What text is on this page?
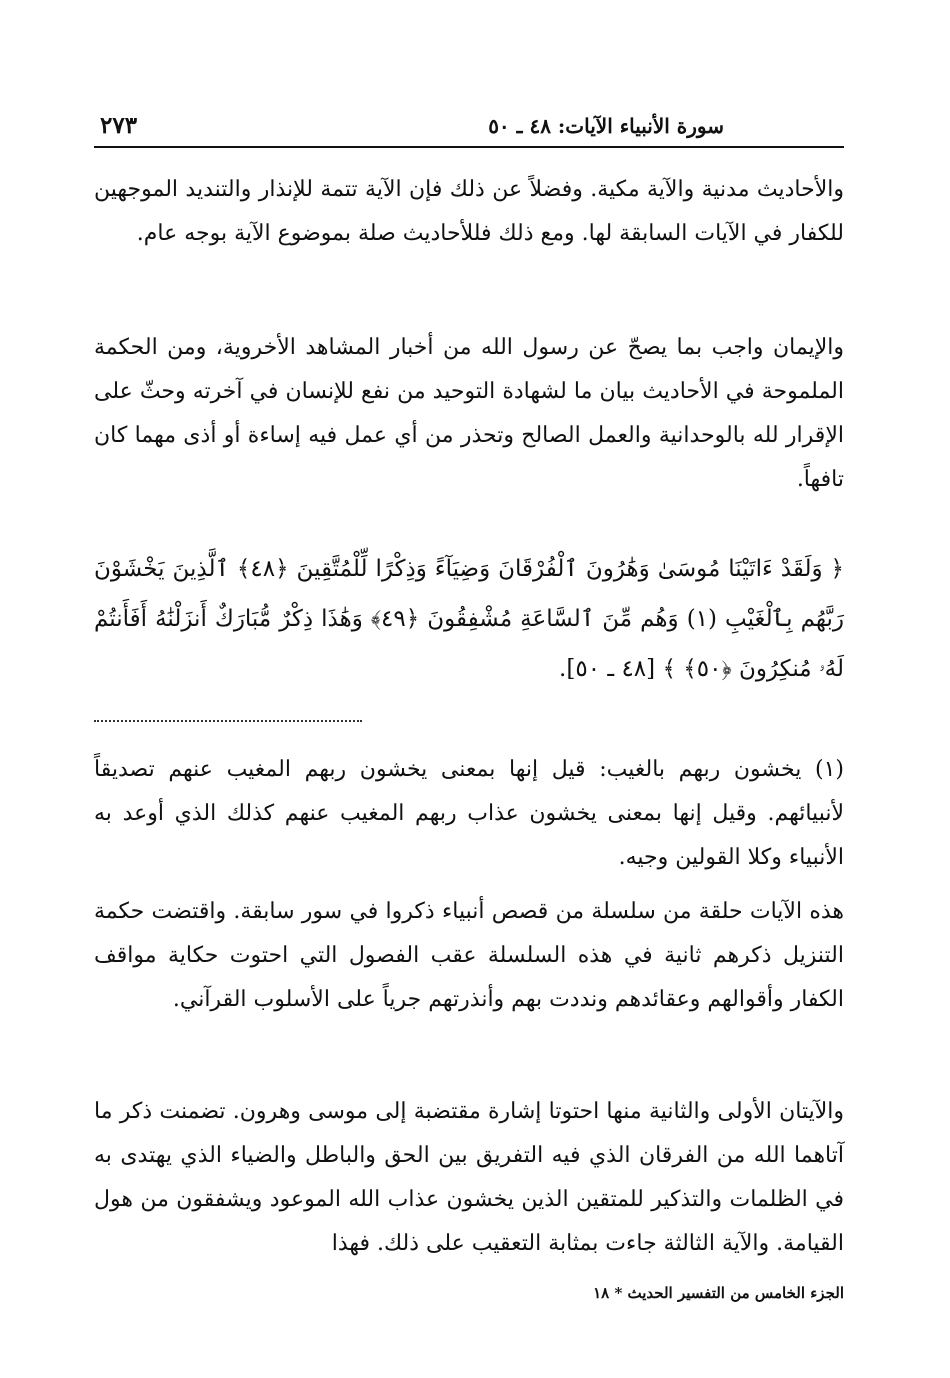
سورة الأنبياء الآيات: ٤٨ ـ ٥٠
٢٧٣

والأحاديث مدنية والآية مكية. وفضلاً عن ذلك فإن الآية تتمة للإنذار والتنديد الموجهين للكفار في الآيات السابقة لها. ومع ذلك فللأحاديث صلة بموضوع الآية بوجه عام.

والإيمان واجب بما يصحّ عن رسول الله من أخبار المشاهد الأخروية، ومن الحكمة الملموحة في الأحاديث بيان ما لشهادة التوحيد من نفع للإنسان في آخرته وحثّ على الإقرار لله بالوحدانية والعمل الصالح وتحذر من أي عمل فيه إساءة أو أذى مهما كان تافهاً.

﴿ وَلَقَدْ ءَاتَيْنَا مُوسَىٰ وَهَٰرُونَ ٱلْفُرْقَانَ وَضِيَآءً وَذِكْرًا لِّلْمُتَّقِينَ ﴿٤٨﴾ ٱلَّذِينَ يَخْشَوْنَ رَبَّهُم بِٱلْغَيْبِ (١) وَهُم مِّنَ ٱلسَّاعَةِ مُشْفِقُونَ ﴿٤٩﴾ وَهَٰذَا ذِكْرٌ مُّبَارَكٌ أَنزَلْنَٰهُ أَفَأَنتُمْ لَهُۥ مُنكِرُونَ ﴿٥٠﴾ ﴾ [٤٨ ـ ٥٠].

(١) يخشون ربهم بالغيب: قيل إنها بمعنى يخشون ربهم المغيب عنهم تصديقاً لأنبيائهم. وقيل إنها بمعنى يخشون عذاب ربهم المغيب عنهم كذلك الذي أوعد به الأنبياء وكلا القولين وجيه.

هذه الآيات حلقة من سلسلة من قصص أنبياء ذكروا في سور سابقة. واقتضت حكمة التنزيل ذكرهم ثانية في هذه السلسلة عقب الفصول التي احتوت حكاية مواقف الكفار وأقوالهم وعقائدهم ونددت بهم وأنذرتهم جرياً على الأسلوب القرآني.

والآيتان الأولى والثانية منها احتوتا إشارة مقتضبة إلى موسى وهرون. تضمنت ذكر ما آتاهما الله من الفرقان الذي فيه التفريق بين الحق والباطل والضياء الذي يهتدى به في الظلمات والتذكير للمتقين الذين يخشون عذاب الله الموعود ويشفقون من هول القيامة. والآية الثالثة جاءت بمثابة التعقيب على ذلك. فهذا

الجزء الخامس من التفسير الحديث * ١٨
